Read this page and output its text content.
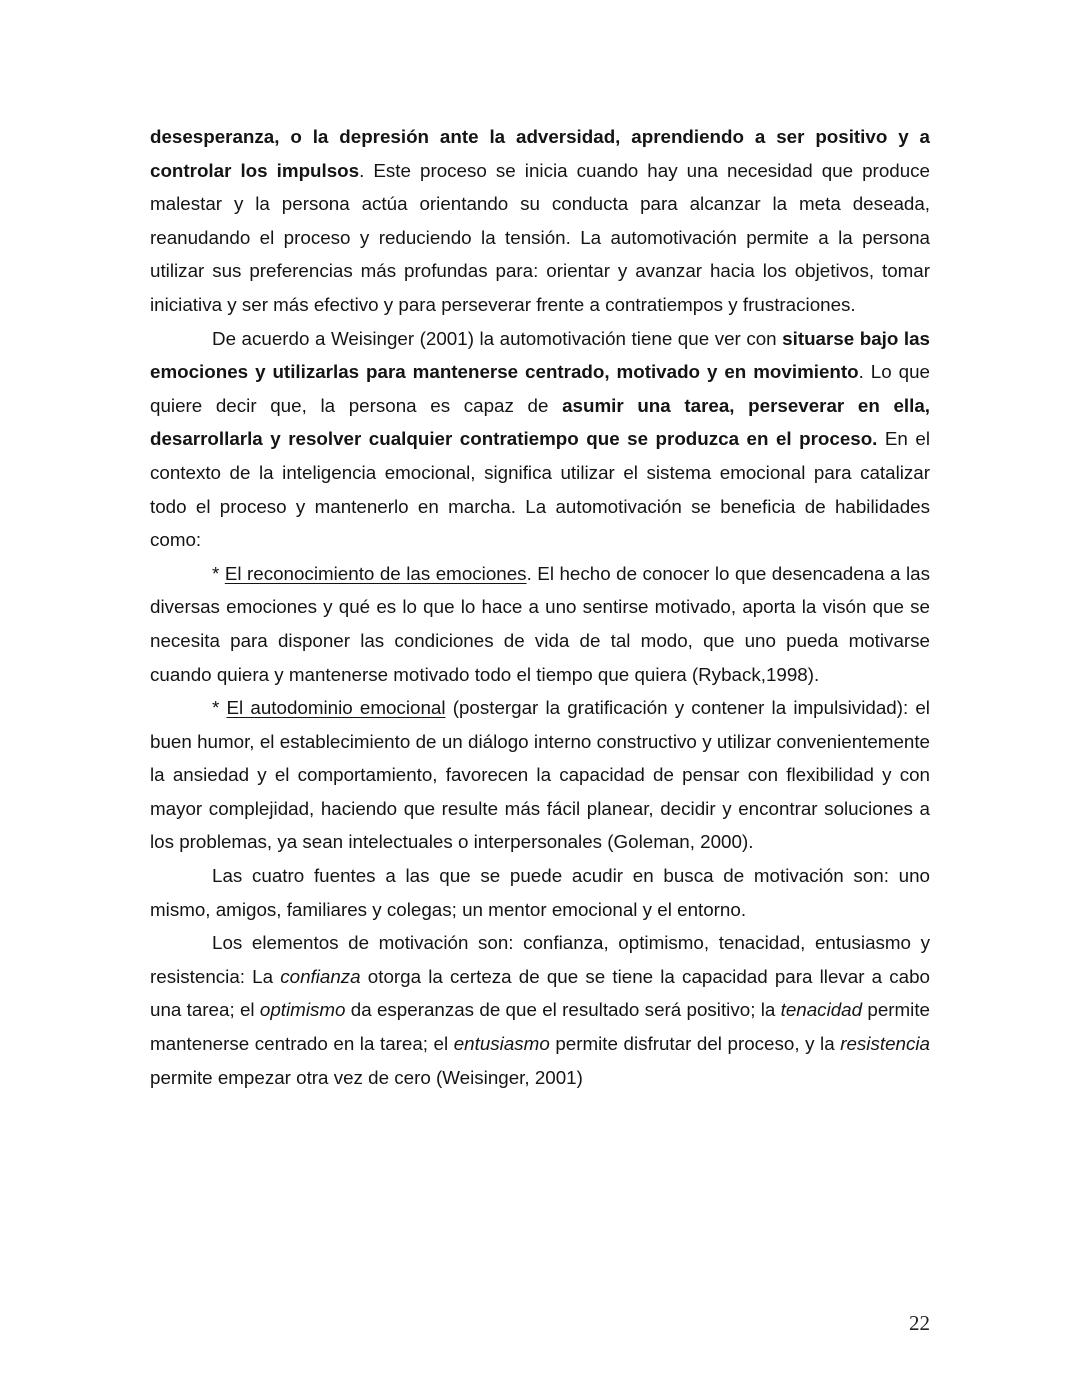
desesperanza, o la depresión ante la adversidad, aprendiendo a ser positivo y a controlar los impulsos. Este proceso se inicia cuando hay una necesidad que produce malestar y la persona actúa orientando su conducta para alcanzar la meta deseada, reanudando el proceso y reduciendo la tensión. La automotivación permite a la persona utilizar sus preferencias más profundas para: orientar y avanzar hacia los objetivos, tomar iniciativa y ser más efectivo y para perseverar frente a contratiempos y frustraciones.

De acuerdo a Weisinger (2001) la automotivación tiene que ver con situarse bajo las emociones y utilizarlas para mantenerse centrado, motivado y en movimiento. Lo que quiere decir que, la persona es capaz de asumir una tarea, perseverar en ella, desarrollarla y resolver cualquier contratiempo que se produzca en el proceso. En el contexto de la inteligencia emocional, significa utilizar el sistema emocional para catalizar todo el proceso y mantenerlo en marcha. La automotivación se beneficia de habilidades como:

* El reconocimiento de las emociones. El hecho de conocer lo que desencadena a las diversas emociones y qué es lo que lo hace a uno sentirse motivado, aporta la visón que se necesita para disponer las condiciones de vida de tal modo, que uno pueda motivarse cuando quiera y mantenerse motivado todo el tiempo que quiera (Ryback,1998).

* El autodominio emocional (postergar la gratificación y contener la impulsividad): el buen humor, el establecimiento de un diálogo interno constructivo y utilizar convenientemente la ansiedad y el comportamiento, favorecen la capacidad de pensar con flexibilidad y con mayor complejidad, haciendo que resulte más fácil planear, decidir y encontrar soluciones a los problemas, ya sean intelectuales o interpersonales (Goleman, 2000).

Las cuatro fuentes a las que se puede acudir en busca de motivación son: uno mismo, amigos, familiares y colegas; un mentor emocional y el entorno.

Los elementos de motivación son: confianza, optimismo, tenacidad, entusiasmo y resistencia: La confianza otorga la certeza de que se tiene la capacidad para llevar a cabo una tarea; el optimismo da esperanzas de que el resultado será positivo; la tenacidad permite mantenerse centrado en la tarea; el entusiasmo permite disfrutar del proceso, y la resistencia permite empezar otra vez de cero (Weisinger, 2001)

22
